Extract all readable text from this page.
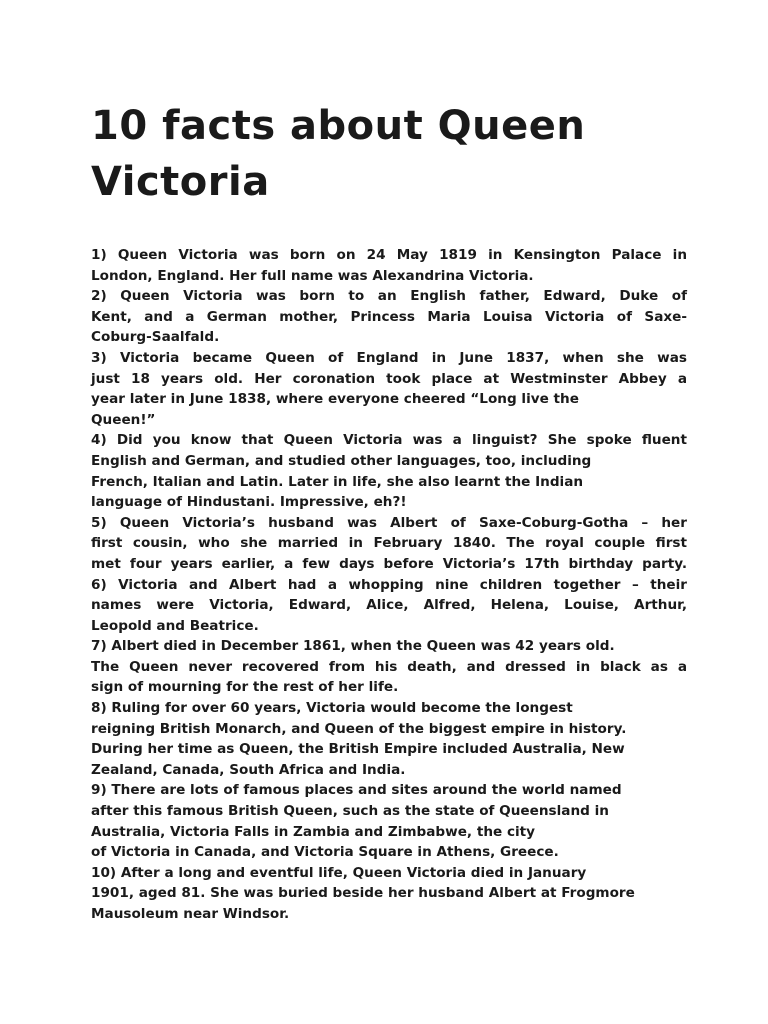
10 facts about Queen
Victoria

1) Queen Victoria was born on 24 May 1819 in Kensington Palace in
London, England. Her full name was Alexandrina Victoria.

2) Queen Victoria was born to an English father, Edward, Duke of
Kent, and a German mother, Princess Maria Louisa Victoria of Saxe-
Coburg-Saalfald.

3) Victoria became Queen of England in June 1837, when she was
just 18 years old. Her coronation took place at Westminster Abbey a
year later in June 1838, where everyone cheered “Long live the
Queen!”

4) Did you know that Queen Victoria was a linguist? She spoke fluent
English and German, and studied other languages, too, including
French, Italian and Latin. Later in life, she also learnt the Indian
language of Hindustani. Impressive, eh?!

5) Queen Victoria’s husband was Albert of Saxe-Coburg-Gotha – her
first cousin, who she married in February 1840. The royal couple first
met four years earlier, a few days before Victoria’s 17th birthday party.

6) Victoria and Albert had a whopping nine children together – their
names were Victoria, Edward, Alice, Alfred, Helena, Louise, Arthur,
Leopold and Beatrice.

7) Albert died in December 1861, when the Queen was 42 years old.
The Queen never recovered from his death, and dressed in black as a
sign of mourning for the rest of her life.

8) Ruling for over 60 years, Victoria would become the longest
reigning British Monarch, and Queen of the biggest empire in history.
During her time as Queen, the British Empire included Australia, New
Zealand, Canada, South Africa and India.

9) There are lots of famous places and sites around the world named
after this famous British Queen, such as the state of Queensland in
Australia, Victoria Falls in Zambia and Zimbabwe, the city
of Victoria in Canada, and Victoria Square in Athens, Greece.

10) After a long and eventful life, Queen Victoria died in January
1901, aged 81. She was buried beside her husband Albert at Frogmore
Mausoleum near Windsor.
